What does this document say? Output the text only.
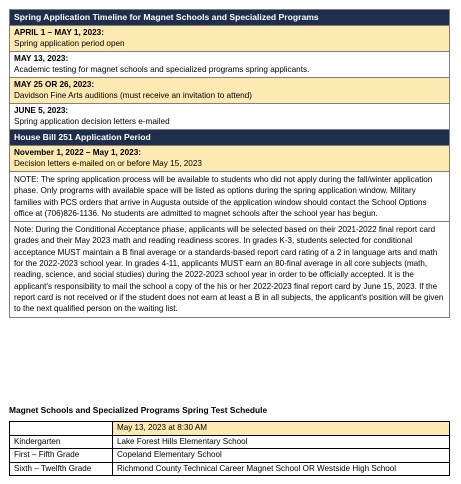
Spring Application Timeline for Magnet Schools and Specialized Programs

APRIL 1 – MAY 1, 2023:
Spring application period open

MAY 13, 2023:
Academic testing for magnet schools and specialized programs spring applicants.

MAY 25 OR 26, 2023:
Davidson Fine Arts auditions (must receive an invitation to attend)

JUNE 5, 2023:
Spring application decision letters e-mailed

House Bill 251 Application Period

November 1, 2022 – May 1, 2023:
Decision letters e-mailed on or before May 15, 2023

NOTE: The spring application process will be available to students who did not apply during the fall/winter application phase. Only programs with available space will be listed as options during the spring application window. Military families with PCS orders that arrive in Augusta outside of the application window should contact the School Options office at (706)826-1136. No students are admitted to magnet schools after the school year has begun.

Note: During the Conditional Acceptance phase, applicants will be selected based on their 2021-2022 final report card grades and their May 2023 math and reading readiness scores. In grades K-3, students selected for conditional acceptance MUST maintain a B final average or a standards-based report card rating of a 2 in language arts and math for the 2022-2023 school year. In grades 4-11, applicants MUST earn an 80-final average in all core subjects (math, reading, science, and social studies) during the 2022-2023 school year in order to be officially accepted. It is the applicant's responsibility to mail the school a copy of the his or her 2022-2023 final report card by June 15, 2023. If the report card is not received or if the student does not earn at least a B in all subjects, the applicant's position will be given to the next qualified person on the waiting list.
Magnet Schools and Specialized Programs Spring Test Schedule
	May 13, 2023 at 8:30 AM
Kindergarten	Lake Forest Hills Elementary School
First – Fifth Grade	Copeland Elementary School
Sixth – Twelfth Grade	Richmond County Technical Career Magnet School OR Westside High School
